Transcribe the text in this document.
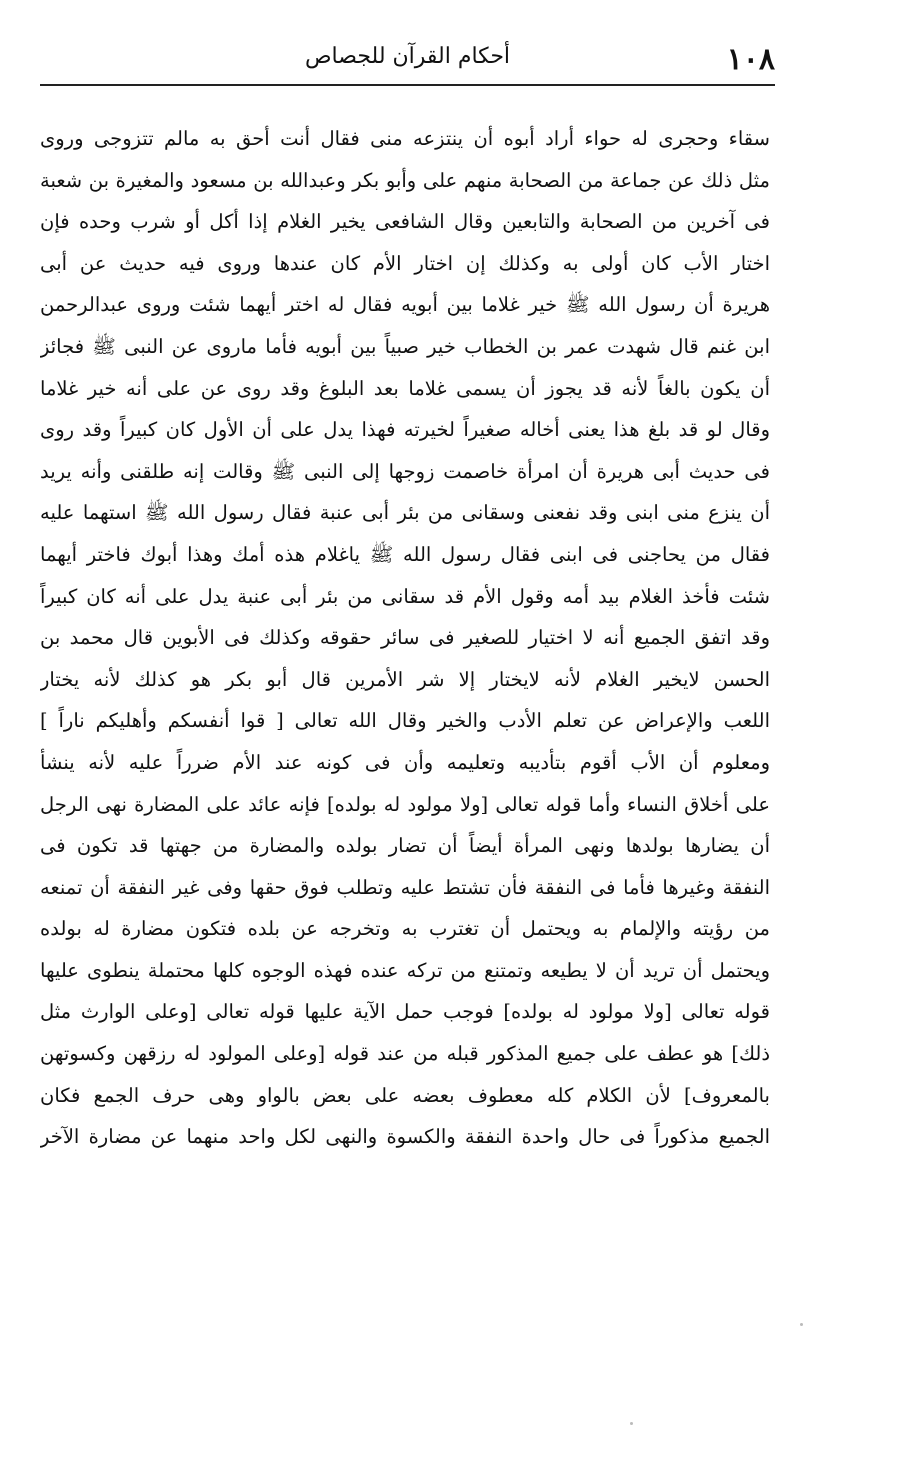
١٠٨
أحكام القرآن للجصاص
سقاء وحجرى له حواء أراد أبوه أن ينتزعه منى فقال أنت أحق به مالم تتزوجى وروى
مثل ذلك عن جماعة من الصحابة منهم على وأبو بكر وعبدالله بن مسعود والمغيرة بن شعبة
فى آخرين من الصحابة والتابعين وقال الشافعى يخير الغلام إذا أكل أو شرب وحده فإن
اختار الأب كان أولى به وكذلك إن اختار الأم كان عندها وروى فيه حديث عن أبى
هريرة أن رسول الله ﷺ خير غلاما بين أبويه فقال له اختر أيهما شئت وروى عبدالرحمن
ابن غنم قال شهدت عمر بن الخطاب خير صبياً بين أبويه فأما ماروى عن النبى ﷺ فجائز
أن يكون بالغاً لأنه قد يجوز أن يسمى غلاما بعد البلوغ وقد روى عن على أنه خير غلاما
وقال لو قد بلغ هذا يعنى أخاله صغيراً لخيرته فهذا يدل على أن الأول كان كبيراً وقد روى
فى حديث أبى هريرة أن امرأة خاصمت زوجها إلى النبى ﷺ وقالت إنه طلقنى وأنه يريد
أن ينزع منى ابنى وقد نفعنى وسقانى من بئر أبى عنبة فقال رسول الله ﷺ استهما عليه
فقال من يحاجنى فى ابنى فقال رسول الله ﷺ ياغلام هذه أمك وهذا أبوك فاختر أيهما
شئت فأخذ الغلام بيد أمه وقول الأم قد سقانى من بئر أبى عنبة يدل على أنه كان كبيراً
وقد اتفق الجميع أنه لا اختيار للصغير فى سائر حقوقه وكذلك فى الأبوين قال محمد بن
الحسن لايخير الغلام لأنه لايختار إلا شر الأمرين قال أبو بكر هو كذلك لأنه يختار
اللعب والإعراض عن تعلم الأدب والخير وقال الله تعالى [ قوا أنفسكم وأهليكم ناراً ]
ومعلوم أن الأب أقوم بتأديبه وتعليمه وأن فى كونه عند الأم ضرراً عليه لأنه ينشأ
على أخلاق النساء وأما قوله تعالى [ولا مولود له بولده] فإنه عائد على المضارة نهى الرجل
أن يضارها بولدها ونهى المرأة أيضاً أن تضار بولده والمضارة من جهتها قد تكون فى
النفقة وغيرها فأما فى النفقة فأن تشتط عليه وتطلب فوق حقها وفى غير النفقة أن تمنعه
من رؤيته والإلمام به ويحتمل أن تغترب به وتخرجه عن بلده فتكون مضارة له بولده
ويحتمل أن تريد أن لا يطيعه وتمتنع من تركه عنده فهذه الوجوه كلها محتملة ينطوى عليها
قوله تعالى [ولا مولود له بولده] فوجب حمل الآية عليها قوله تعالى [وعلى الوارث مثل
ذلك] هو عطف على جميع المذكور قبله من عند قوله [وعلى المولود له رزقهن وكسوتهن
بالمعروف] لأن الكلام كله معطوف بعضه على بعض بالواو وهى حرف الجمع فكان
الجميع مذكوراً فى حال واحدة النفقة والكسوة والنهى لكل واحد منهما عن مضارة الآخر
